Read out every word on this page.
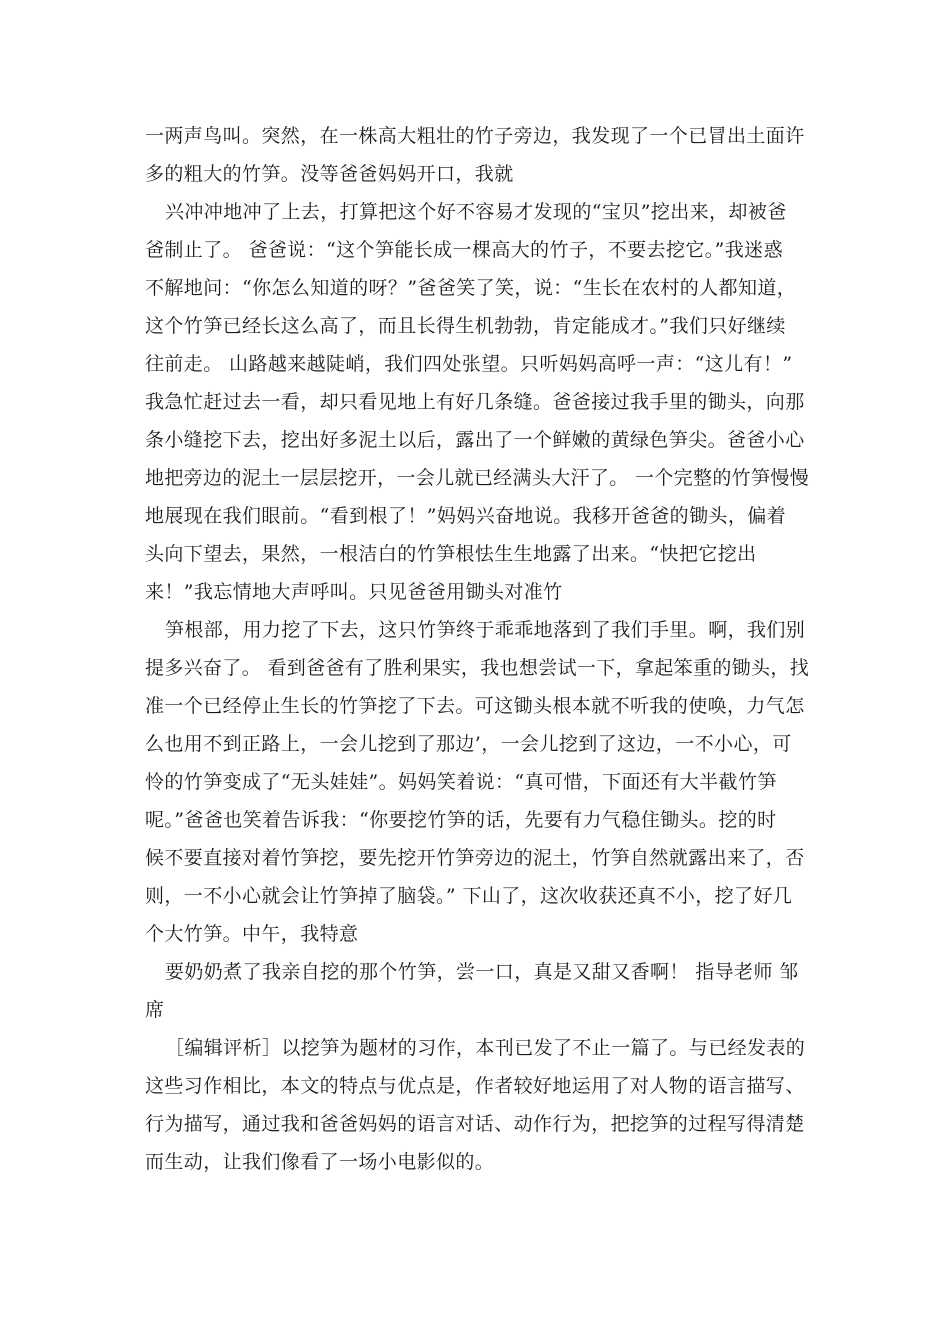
一两声鸟叫。突然，在一株高大粗壮的竹子旁边，我发现了一个已冒出土面许
多的粗大的竹笋。没等爸爸妈妈开口，我就
兴冲冲地冲了上去，打算把这个好不容易才发现的“宝贝”挖出来，却被爸
爸制止了。 爸爸说：“这个笋能长成一棵高大的竹子，不要去挖它。”我迷惑
不解地问：“你怎么知道的呀？”爸爸笑了笑，说：“生长在农村的人都知道，
这个竹笋已经长这么高了，而且长得生机勃勃，肯定能成才。”我们只好继续
往前走。 山路越来越陡峭，我们四处张望。只听妈妈高呼一声：“这儿有！”
我急忙赶过去一看，却只看见地上有好几条缝。爸爸接过我手里的锄头，向那
条小缝挖下去，挖出好多泥土以后，露出了一个鲜嫩的黄绿色笋尖。爸爸小心
地把旁边的泥土一层层挖开，一会儿就已经满头大汗了。 一个完整的竹笋慢慢
地展现在我们眼前。“看到根了！”妈妈兴奋地说。我移开爸爸的锄头，偏着
头向下望去，果然，一根洁白的竹笋根怯生生地露了出来。“快把它挖出
来！”我忘情地大声呼叫。只见爸爸用锄头对准竹
笋根部，用力挖了下去，这只竹笋终于乖乖地落到了我们手里。啊，我们别
提多兴奋了。 看到爸爸有了胜利果实，我也想尝试一下，拿起笨重的锄头，找
准一个已经停止生长的竹笋挖了下去。可这锄头根本就不听我的使唤，力气怎
么也用不到正路上，一会儿挖到了那边’，一会儿挖到了这边，一不小心，可
怜的竹笋变成了“无头娃娃”。妈妈笑着说：“真可惜，下面还有大半截竹笋
呢。”爸爸也笑着告诉我：“你要挖竹笋的话，先要有力气稳住锄头。挖的时
候不要直接对着竹笋挖，要先挖开竹笋旁边的泥土，竹笋自然就露出来了，否
则，一不小心就会让竹笋掉了脑袋。” 下山了，这次收获还真不小，挖了好几
个大竹笋。中午，我特意
要奶奶煮了我亲自挖的那个竹笋，尝一口，真是又甜又香啊！ 指导老师 邹
席
［编辑评析］以挖笋为题材的习作，本刊已发了不止一篇了。与已经发表的
这些习作相比，本文的特点与优点是，作者较好地运用了对人物的语言描写、
行为描写，通过我和爸爸妈妈的语言对话、动作行为，把挖笋的过程写得清楚
而生动，让我们像看了一场小电影似的。
